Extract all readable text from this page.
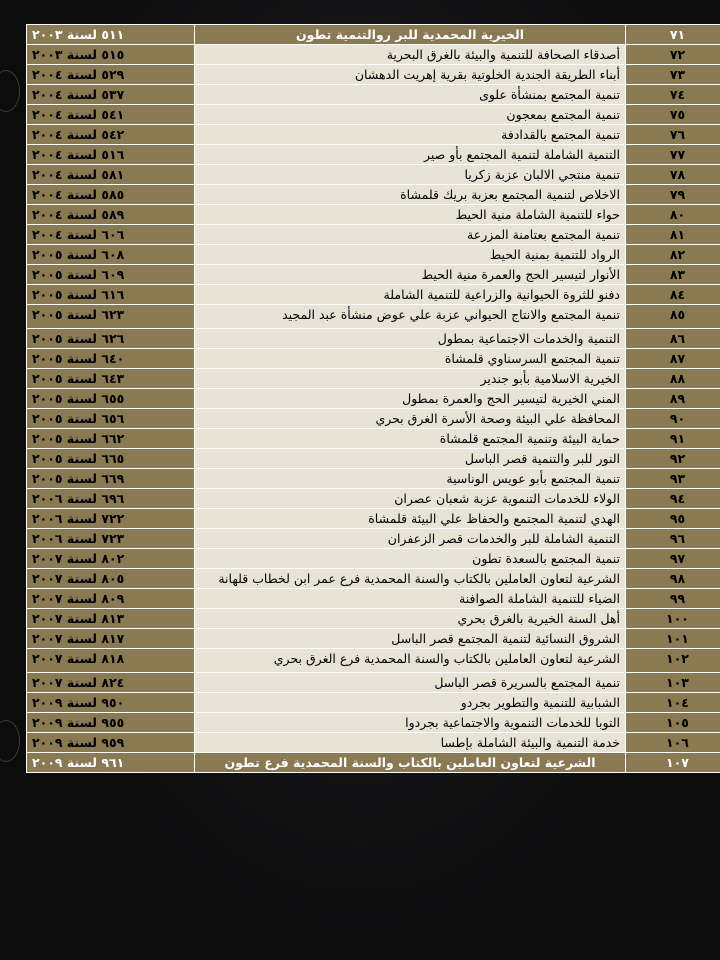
٧١	الخيرية المحمدية للبر روالتنمية تطون	٥١١ لسنة ٢٠٠٣
٧٢	أصدقاء الصحافة للتنمية والبيئة بالغرق البحرية	٥١٥ لسنة ٢٠٠٣
٧٣	أبناء الطريقة الجندية الخلوتية بقرية إهريت الدهشان	٥٢٩ لسنة ٢٠٠٤
٧٤	تنمية المجتمع بمنشأة علوى	٥٣٧ لسنة ٢٠٠٤
٧٥	تنمية المجتمع بمعجون	٥٤١ لسنة ٢٠٠٤
٧٦	تنمية المجتمع بالقدادفة	٥٤٢ لسنة ٢٠٠٤
٧٧	التنمية الشاملة لتنمية المجتمع بأو صير	٥١٦ لسنة ٢٠٠٤
٧٨	تنمية منتجي الالبان عزبة زكريا	٥٨١ لسنة ٢٠٠٤
٧٩	الاخلاص لتنمية المجتمع بعزبة بريك قلمشاة	٥٨٥ لسنة ٢٠٠٤
٨٠	حواء للتنمية الشاملة منية الحيط	٥٨٩ لسنة ٢٠٠٤
٨١	تنمية المجتمع بعتامنة المزرعة	٦٠٦ لسنة ٢٠٠٤
٨٢	الرواد للتنمية بمنية الحيط	٦٠٨ لسنة ٢٠٠٥
٨٣	الأنوار لتيسير الحج والعمرة منية الحيط	٦٠٩ لسنة ٢٠٠٥
٨٤	دفنو للثروة الحيوانية والزراعية للتنمية الشاملة	٦١٦ لسنة ٢٠٠٥
٨٥	تنمية المجتمع والانتاج الحيواني عزبة علي عوض منشأة عبد المجيد	٦٢٣ لسنة ٢٠٠٥
٨٦	التنمية والخدمات الاجتماعية بمطول	٦٢٦ لسنة ٢٠٠٥
٨٧	تنمية المجتمع السرسناوي قلمشاة	٦٤٠ لسنة ٢٠٠٥
٨٨	الخيرية الاسلامية بأبو جندير	٦٤٣ لسنة ٢٠٠٥
٨٩	المني الخيرية لتيسير الحج والعمرة بمطول	٦٥٥ لسنة ٢٠٠٥
٩٠	المحافظة علي البيئة وصحة الأسرة الغرق بحري	٦٥٦ لسنة ٢٠٠٥
٩١	حماية البيئة وتنمية المجتمع قلمشاة	٦٦٢ لسنة ٢٠٠٥
٩٢	النور للبر والتنمية قصر الباسل	٦٦٥ لسنة ٢٠٠٥
٩٣	تنمية المجتمع بأبو عويس الوناسية	٦٦٩ لسنة ٢٠٠٥
٩٤	الولاء للخدمات التنموية عزبة شعبان عصران	٦٩٦ لسنة ٢٠٠٦
٩٥	الهدي لتنمية المجتمع والحفاظ علي البيئة قلمشاة	٧٢٢ لسنة ٢٠٠٦
٩٦	التنمية الشاملة للبر والخدمات قصر الزعفران	٧٢٣ لسنة ٢٠٠٦
٩٧	تنمية المجتمع بالسعدة تطون	٨٠٢ لسنة ٢٠٠٧
٩٨	الشرعية لتعاون العاملين بالكتاب والسنة المحمدية فرع عمر ابن لخطاب قلهانة	٨٠٥ لسنة ٢٠٠٧
٩٩	الضياء للتنمية الشاملة الصوافنة	٨٠٩ لسنة ٢٠٠٧
١٠٠	أهل السنة الخيرية بالغرق بحري	٨١٣ لسنة ٢٠٠٧
١٠١	الشروق النسائية لتنمية المجتمع قصر الباسل	٨١٧ لسنة ٢٠٠٧
١٠٢	الشرعية لتعاون العاملين بالكتاب والسنة المحمدية فرع الغرق بحري	٨١٨ لسنة ٢٠٠٧
١٠٣	تنمية المجتمع بالسريرة قصر الباسل	٨٢٤ لسنة ٢٠٠٧
١٠٤	الشبابية للتنمية والتطوير بجردو	٩٥٠ لسنة ٢٠٠٩
١٠٥	التوبا للخدمات التنموية والاجتماعية بجردوا	٩٥٥ لسنة ٢٠٠٩
١٠٦	خدمة التنمية والبيئة الشاملة بإطسا	٩٥٩ لسنة ٢٠٠٩
١٠٧	الشرعية لتعاون العاملين بالكتاب والسنة المحمدية فرع تطون	٩٦١ لسنة ٢٠٠٩
